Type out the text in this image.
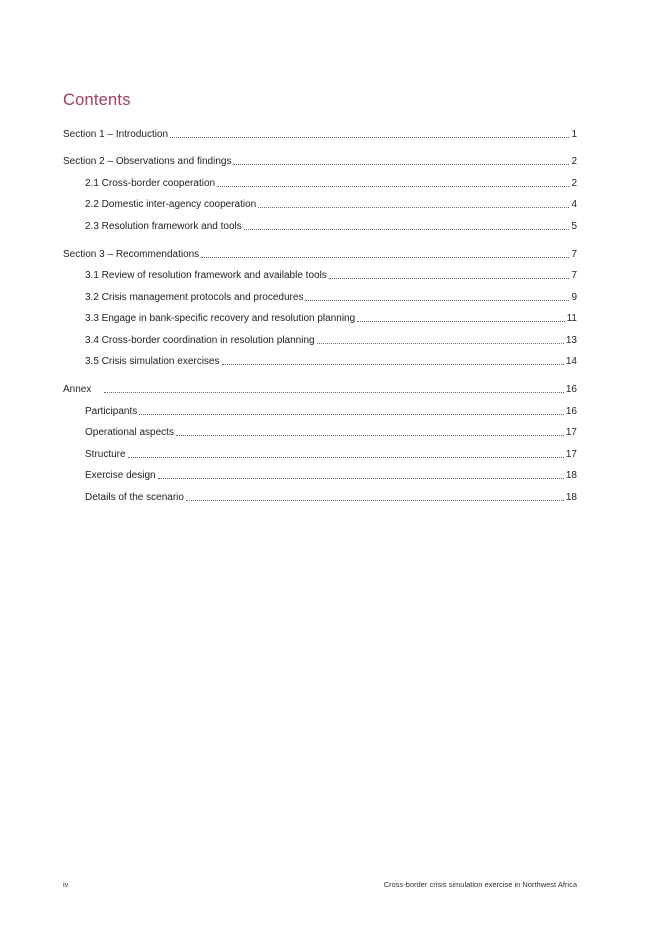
Contents
Section 1 – Introduction	1
Section 2 – Observations and findings	2
2.1 Cross-border cooperation	2
2.2 Domestic inter-agency cooperation	4
2.3 Resolution framework and tools	5
Section 3 – Recommendations	7
3.1 Review of resolution framework and available tools	7
3.2 Crisis management protocols and procedures	9
3.3 Engage in bank-specific recovery and resolution planning	11
3.4 Cross-border coordination in resolution planning	13
3.5 Crisis simulation exercises	14
Annex	16
Participants	16
Operational aspects	17
Structure	17
Exercise design	18
Details of the scenario	18
iv	Cross-border crisis simulation exercise in Northwest Africa
